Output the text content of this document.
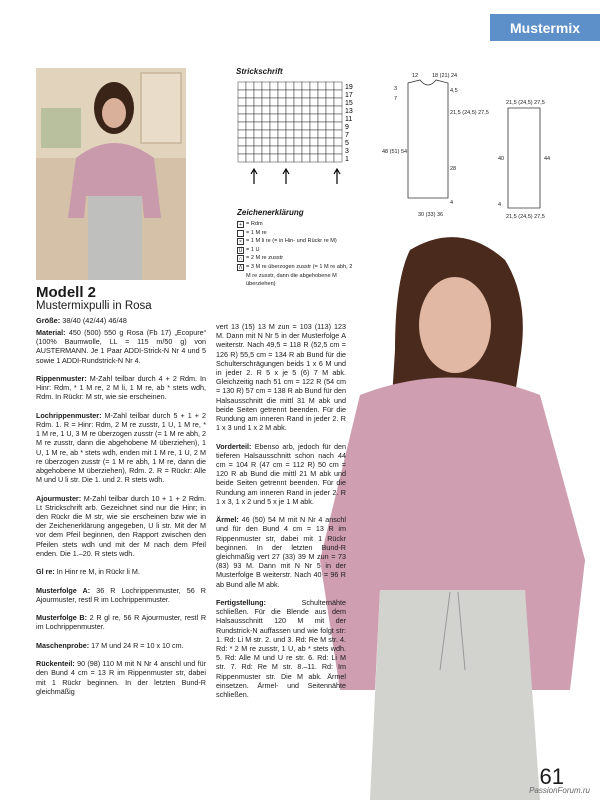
Mustermix
Strickschrift
19
17
15
13
11
9
7
5
3
1
Zeichenerklärung
+ = Rdm
= 1 M re
× = 1 M li re (= in Hin- und Rückr re M)
U = 1 U
∩ = 2 M re zusstr
Λ = 3 M re überzogen zusstr (= 1 M re abh, 2 M re zusstr, dann die abgehobene M überziehen)
12	18 (21) 24
3
7
4,5
21,5 (24,5) 27,5
48 (51) 54
28
4
30 (33) 36
21,5 (24,5) 27,5
40	44
4
21,5 (24,5) 27,5
Modell 2
Mustermixpulli in Rosa
Größe: 38/40 (42/44) 46/48

Material: 450 (500) 550 g Rosa (Fb 17) „Ecopure“ (100% Baumwolle, LL = 115 m/50 g) von AUSTERMANN. Je 1 Paar ADDI-Strick-N Nr 4 und 5 sowie 1 ADDI-Rundstrick-N Nr 4.

Rippenmuster: M-Zahl teilbar durch 4 + 2 Rdm. In Hinr: Rdm, * 1 M re, 2 M li, 1 M re, ab * stets wdh, Rdm. In Rückr: M str, wie sie erscheinen.

Lochrippenmuster: M-Zahl teilbar durch 5 + 1 + 2 Rdm. 1. R = Hinr: Rdm, 2 M re zusstr, 1 U, 1 M re, * 1 M re, 1 U, 3 M re überzogen zusstr (= 1 M re abh, 2 M re zusstr, dann die abgehobene M überziehen), 1 U, 1 M re, ab * stets wdh, enden mit 1 M re, 1 U, 2 M re überzogen zusstr (= 1 M re abh, 1 M re, dann die abgehobene M überziehen), Rdm. 2. R = Rückr: Alle M und U li str. Die 1. und 2. R stets wdh.

Ajourmuster: M-Zahl teilbar durch 10 + 1 + 2 Rdm. Lt Strickschrift arb. Gezeichnet sind nur die Hinr; in den Rückr die M str, wie sie erscheinen bzw wie in der Zeichenerklärung angegeben, U li str. Mit der M vor dem Pfeil beginnen, den Rapport zwischen den Pfeilen stets wdh und mit der M nach dem Pfeil enden. Die 1.–20. R stets wdh.

Gl re: In Hinr re M, in Rückr li M.

Musterfolge A: 36 R Lochrippenmuster, 56 R Ajourmuster, restl R im Lochrippenmuster.

Musterfolge B: 2 R gl re, 56 R Ajourmuster, restl R im Lochrippenmuster.

Maschenprobe: 17 M und 24 R = 10 x 10 cm.

Rückenteil: 90 (98) 110 M mit N Nr 4 anschl und für den Bund 4 cm = 13 R im Rippenmuster str, dabei mit 1 Rückr beginnen. In der letzten Bund-R gleichmäßig

vert 13 (15) 13 M zun = 103 (113) 123 M. Dann mit N Nr 5 in der Musterfolge A weiterstr. Nach 49,5 = 118 R (52,5 cm = 126 R) 55,5 cm = 134 R ab Bund für die Schulterschrägungen beids 1 x 6 M und in jeder 2. R 5 x je 5 (6) 7 M abk. Gleichzeitig nach 51 cm = 122 R (54 cm = 130 R) 57 cm = 138 R ab Bund für den Halsausschnitt die mittl 31 M abk und beide Seiten getrennt beenden. Für die Rundung am inneren Rand in jeder 2. R 1 x 3 und 1 x 2 M abk.

Vorderteil: Ebenso arb, jedoch für den tieferen Halsausschnitt schon nach 44 cm = 104 R (47 cm = 112 R) 50 cm = 120 R ab Bund die mittl 21 M abk und beide Seiten getrennt beenden. Für die Rundung am inneren Rand in jeder 2. R 1 x 3, 1 x 2 und 5 x je 1 M abk.

Ärmel: 46 (50) 54 M mit N Nr 4 anschl und für den Bund 4 cm = 13 R im Rippenmuster str, dabei mit 1 Rückr beginnen. In der letzten Bund-R gleichmäßig vert 27 (33) 39 M zun = 73 (83) 93 M. Dann mit N Nr 5 in der Musterfolge B weiterstr. Nach 40 = 96 R ab Bund alle M abk.

Fertigstellung:	Schulternähte schließen. Für die Blende aus dem Halsausschnitt 120 M mit der Rundstrick-N auffassen und wie folgt str: 1. Rd: Li M str. 2. und 3. Rd: Re M str. 4. Rd: * 2 M re zusstr, 1 U, ab * stets wdh. 5. Rd: Alle M und U re str. 6. Rd: Li M str. 7. Rd: Re M str. 8.–11. Rd: Im Rippenmuster str. Die M abk. Ärmel einsetzen. Ärmel- und Seitennähte schließen.

61
PassionForum.ru
